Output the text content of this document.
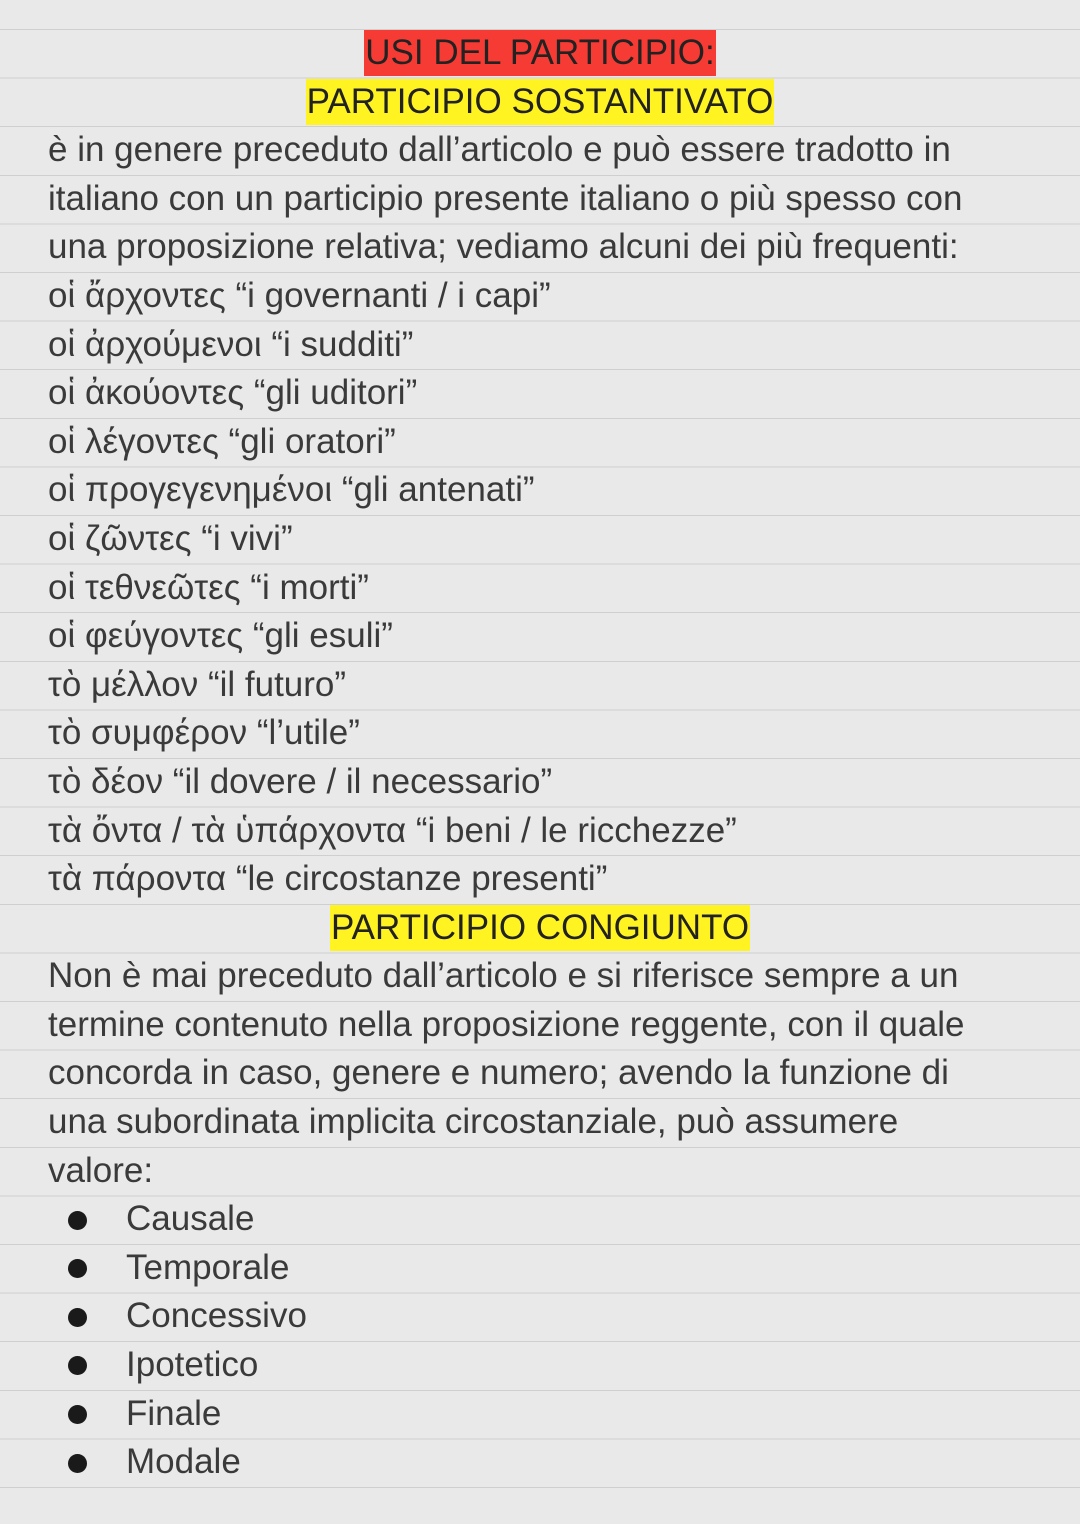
USI DEL PARTICIPIO:
PARTICIPIO SOSTANTIVATO
è in genere preceduto dall’articolo e può essere tradotto in
italiano con un participio presente italiano o più spesso con
una proposizione relativa; vediamo alcuni dei più frequenti:
οἱ ἄρχοντες “i governanti / i capi”
οἱ ἀρχούμενοι “i sudditi”
οἱ ἀκούοντες “gli uditori”
οἱ λέγοντες “gli oratori”
οἱ προγεγενημένοι “gli antenati”
οἱ ζῶντες “i vivi”
οἱ τεθνεῶτες “i morti”
οἱ φεύγοντες “gli esuli”
τὸ μέλλον “il futuro”
τὸ συμφέρον “l’utile”
τὸ δέον “il dovere / il necessario”
τὰ ὄντα / τὰ ὑπάρχοντα “i beni / le ricchezze”
τὰ πάροντα “le circostanze presenti”
PARTICIPIO CONGIUNTO
Non è mai preceduto dall’articolo e si riferisce sempre a un
termine contenuto nella proposizione reggente, con il quale
concorda in caso, genere e numero; avendo la funzione di
una subordinata implicita circostanziale, può assumere
valore:
Causale
Temporale
Concessivo
Ipotetico
Finale
Modale
